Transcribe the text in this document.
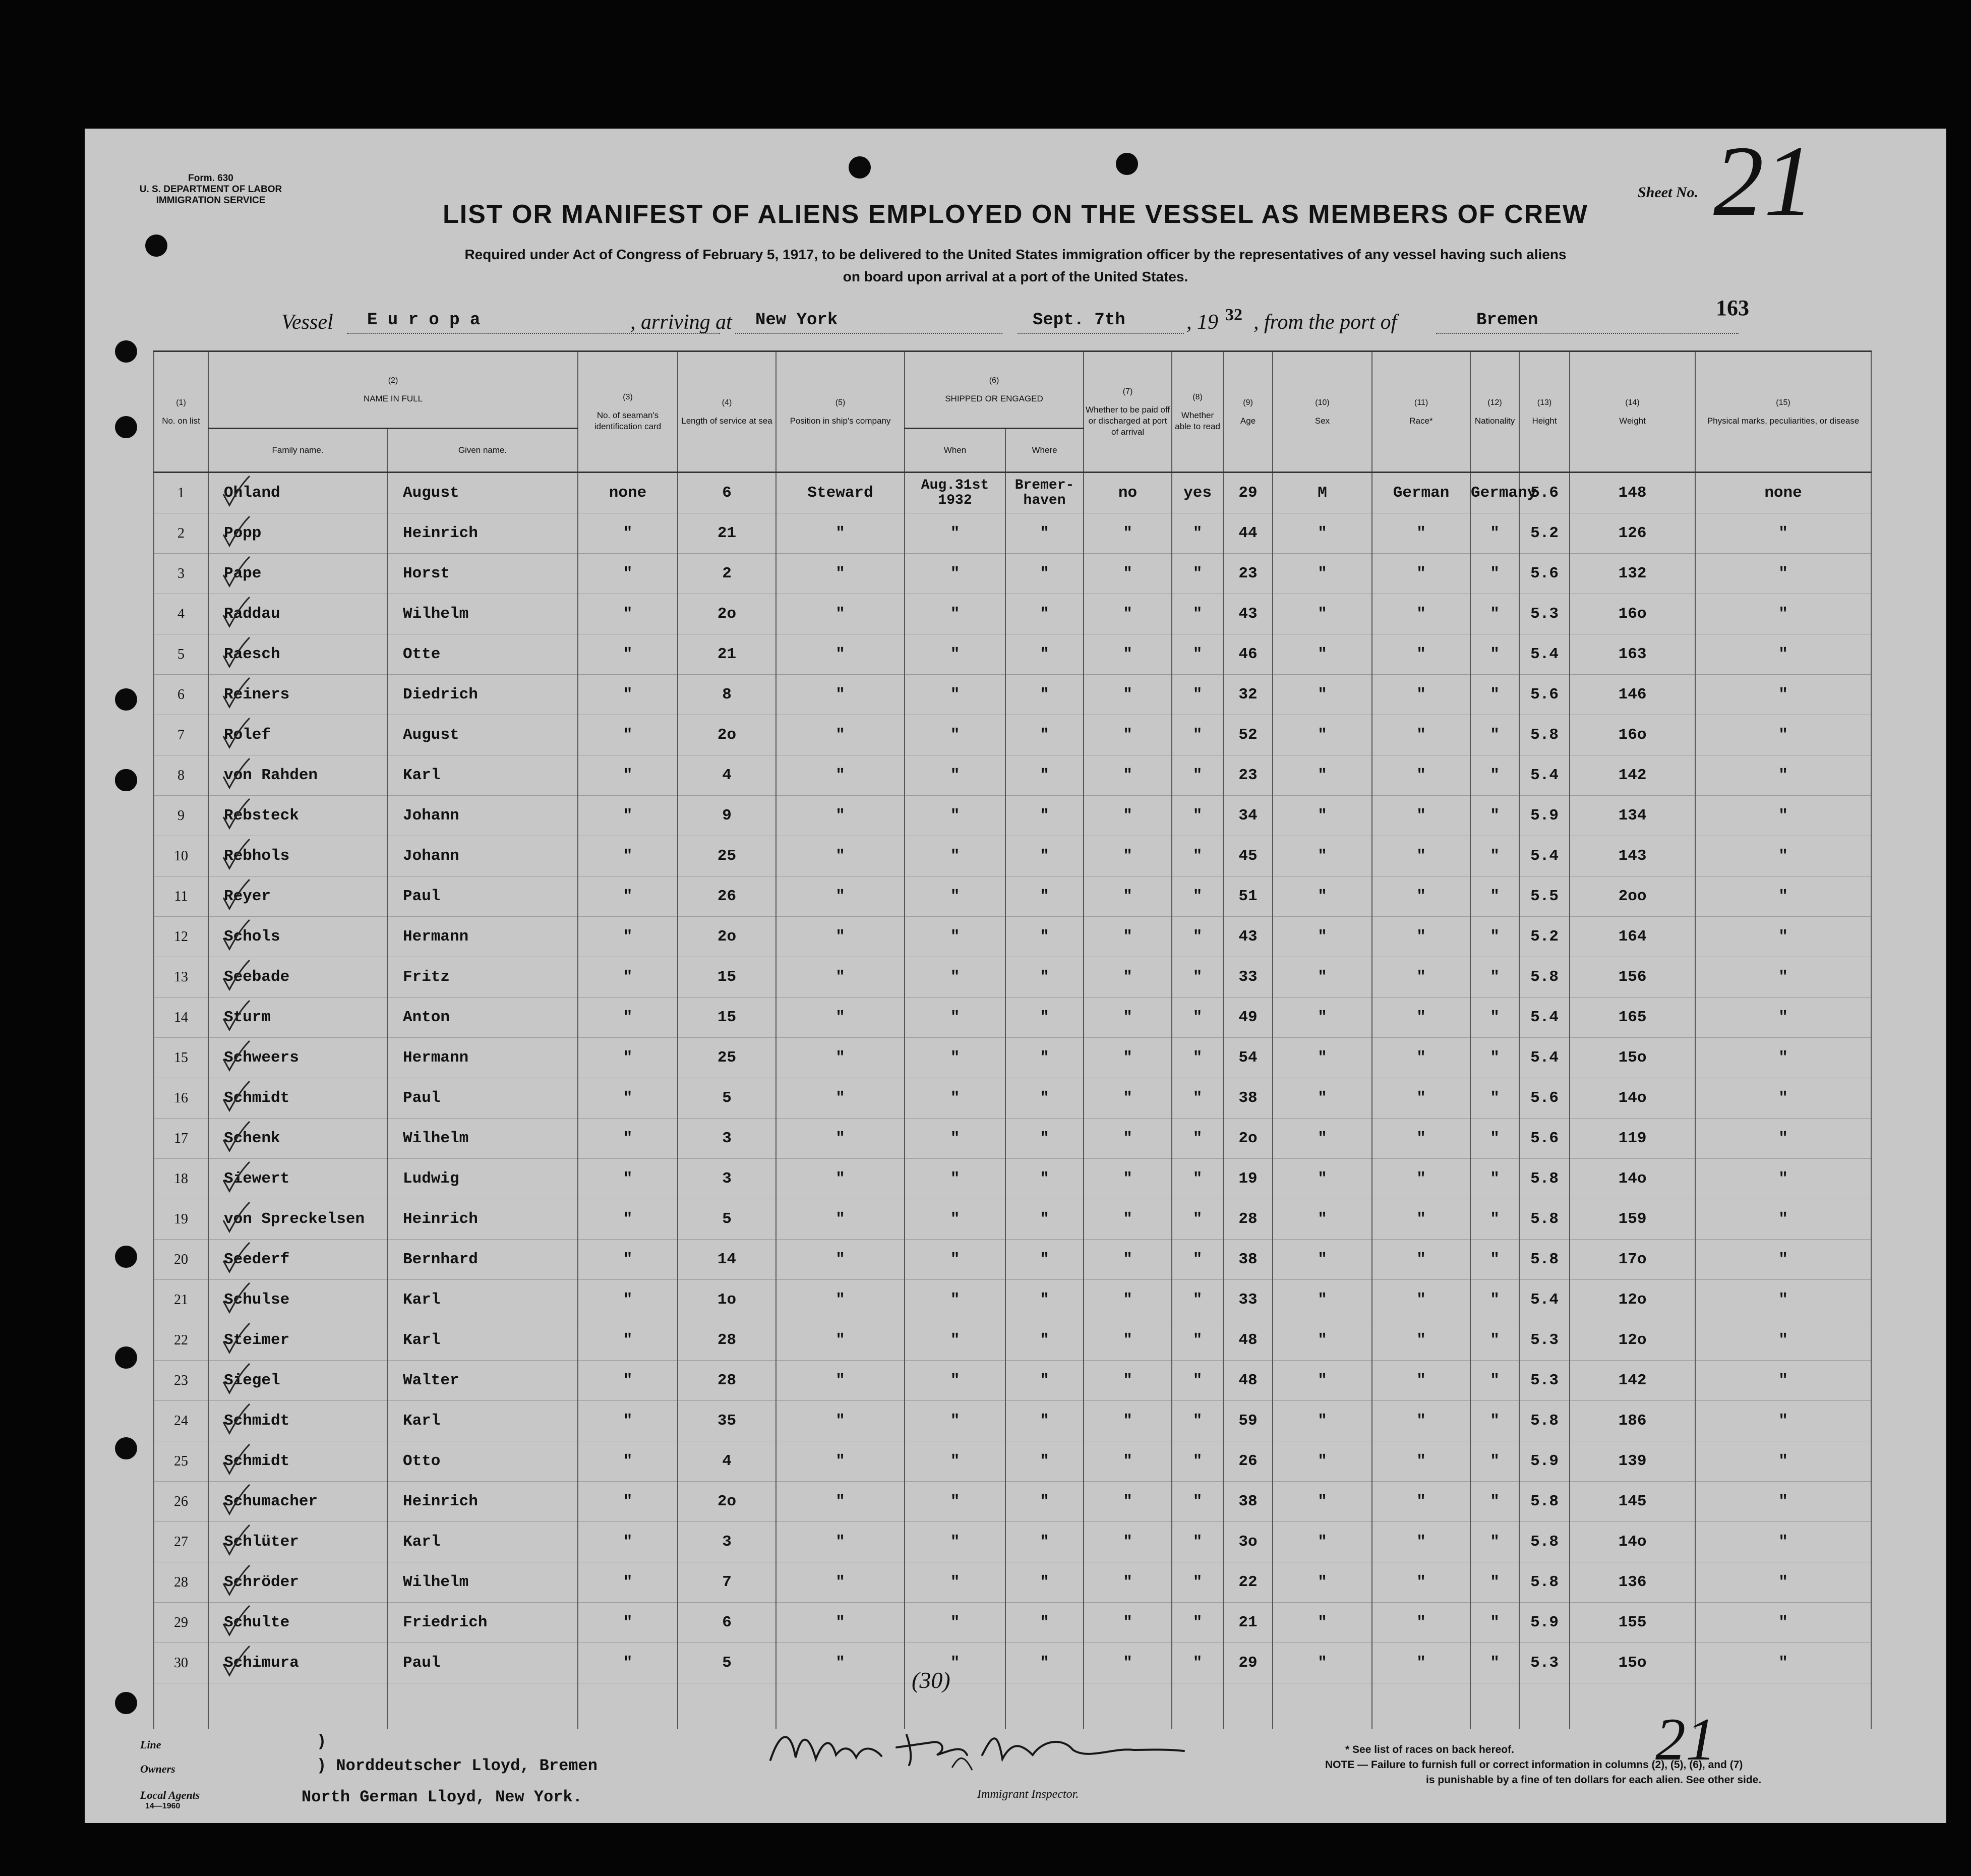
Form. 630
U. S. DEPARTMENT OF LABOR
IMMIGRATION SERVICE	LIST OR MANIFEST OF ALIENS EMPLOYED ON THE VESSEL AS MEMBERS OF CREW
Required under Act of Congress of February 5, 1917, to be delivered to the United States immigration officer by the representatives of any vessel having such aliens
on board upon arrival at a port of the United States.
Sheet No. 21
163
Vessel E u r o p a	, arriving at New York	Sept. 7th	, 19 32 , from the port of	Bremen
(1)
No. on list	(2)
NAME IN FULL		(3)
No. of seaman's identification card	(4)
Length of service at sea	(5)
Position in ship's company	(6)
SHIPPED OR ENGAGED		(7)
Whether to be paid off or discharged at port of arrival	(8)
Whether able to read	(9)
Age	(10)
Sex	(11)
Race*	(12)
Nationality	(13)
Height	(14)
Weight	(15)
Physical marks, peculiarities, or disease	
	Family name.	Given name.				When	Where										
1	Ohland	August	none	6	Steward	Aug.31st 1932	Bremer- haven	no	yes	29	M	German	Germany	5.6	148	none	
2	Popp	Heinrich	"	21	"	"	"	"	"	44	"	"	"	5.2	126	"	
3	Pape	Horst	"	2	"	"	"	"	"	23	"	"	"	5.6	132	"	
4	Raddau	Wilhelm	"	2o	"	"	"	"	"	43	"	"	"	5.3	16o	"	
5	Raesch	Otte	"	21	"	"	"	"	"	46	"	"	"	5.4	163	"	
6	Reiners	Diedrich	"	8	"	"	"	"	"	32	"	"	"	5.6	146	"	
7	Rolef	August	"	2o	"	"	"	"	"	52	"	"	"	5.8	16o	"	
8	von Rahden	Karl	"	4	"	"	"	"	"	23	"	"	"	5.4	142	"	
9	Rebsteck	Johann	"	9	"	"	"	"	"	34	"	"	"	5.9	134	"	
10	Rebhols	Johann	"	25	"	"	"	"	"	45	"	"	"	5.4	143	"	
11	Reyer	Paul	"	26	"	"	"	"	"	51	"	"	"	5.5	2oo	"	
12	Schols	Hermann	"	2o	"	"	"	"	"	43	"	"	"	5.2	164	"	
13	Seebade	Fritz	"	15	"	"	"	"	"	33	"	"	"	5.8	156	"	
14	Sturm	Anton	"	15	"	"	"	"	"	49	"	"	"	5.4	165	"	
15	Schweers	Hermann	"	25	"	"	"	"	"	54	"	"	"	5.4	15o	"	
16	Schmidt	Paul	"	5	"	"	"	"	"	38	"	"	"	5.6	14o	"	
17	Schenk	Wilhelm	"	3	"	"	"	"	"	2o	"	"	"	5.6	119	"	
18	Siewert	Ludwig	"	3	"	"	"	"	"	19	"	"	"	5.8	14o	"	
19	von Spreckelsen	Heinrich	"	5	"	"	"	"	"	28	"	"	"	5.8	159	"	
20	Seederf	Bernhard	"	14	"	"	"	"	"	38	"	"	"	5.8	17o	"	
21	Schulse	Karl	"	1o	"	"	"	"	"	33	"	"	"	5.4	12o	"	
22	Steimer	Karl	"	28	"	"	"	"	"	48	"	"	"	5.3	12o	"	
23	Siegel	Walter	"	28	"	"	"	"	"	48	"	"	"	5.3	142	"	
24	Schmidt	Karl	"	35	"	"	"	"	"	59	"	"	"	5.8	186	"	
25	Schmidt	Otto	"	4	"	"	"	"	"	26	"	"	"	5.9	139	"	
26	Schumacher	Heinrich	"	2o	"	"	"	"	"	38	"	"	"	5.8	145	"	
27	Schlüter	Karl	"	3	"	"	"	"	"	3o	"	"	"	5.8	14o	"	
28	Schröder	Wilhelm	"	7	"	"	"	"	"	22	"	"	"	5.8	136	"	
29	Schulte	Friedrich	"	6	"	"	"	"	"	21	"	"	"	5.9	155	"	
30	Schimura	Paul	"	5	"	"	"	"	"	29	"	"	"	5.3	15o	"	

(30)
Line	)
Owners	) Norddeutscher Lloyd, Bremen
Local Agents
14—1960	North German Lloyd, New York.	Immigrant Inspector.
21
* See list of races on back hereof.
NOTE — Failure to furnish full or correct information in columns (2), (5), (6), and (7)
is punishable by a fine of ten dollars for each alien. See other side.
